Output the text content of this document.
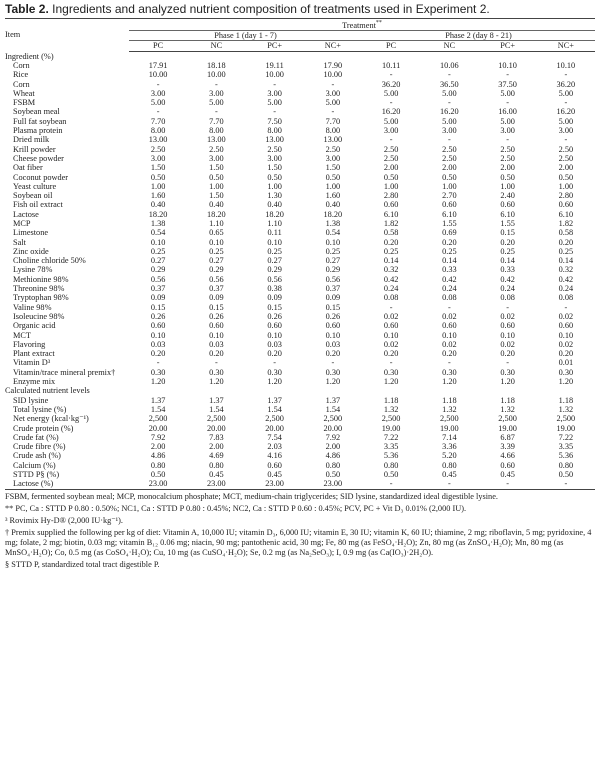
Table 2. Ingredients and analyzed nutrient composition of treatments used in Experiment 2.
Item	Treatment**
	Phase 1 (day 1 - 7)				Phase 2 (day 8 - 21)			
	PC	NC	PC+	NC+	PC	NC	PC+	NC+
Ingredient (%)								
Corn	17.91	18.18	19.11	17.90	10.11	10.06	10.10	10.10
Rice	10.00	10.00	10.00	10.00	-	-	-	-
Corn	-	-	-	-	36.20	36.50	37.50	36.20
Wheat	3.00	3.00	3.00	3.00	5.00	5.00	5.00	5.00
FSBM	5.00	5.00	5.00	5.00	-	-	-	-
Soybean meal	-	-	-	-	16.20	16.20	16.00	16.20
Full fat soybean	7.70	7.70	7.50	7.70	5.00	5.00	5.00	5.00
Plasma protein	8.00	8.00	8.00	8.00	3.00	3.00	3.00	3.00
Dried milk	13.00	13.00	13.00	13.00	-	-	-	-
Krill powder	2.50	2.50	2.50	2.50	2.50	2.50	2.50	2.50
Cheese powder	3.00	3.00	3.00	3.00	2.50	2.50	2.50	2.50
Oat fiber	1.50	1.50	1.50	1.50	2.00	2.00	2.00	2.00
Coconut powder	0.50	0.50	0.50	0.50	0.50	0.50	0.50	0.50
Yeast culture	1.00	1.00	1.00	1.00	1.00	1.00	1.00	1.00
Soybean oil	1.60	1.50	1.30	1.60	2.80	2.70	2.40	2.80
Fish oil extract	0.40	0.40	0.40	0.40	0.60	0.60	0.60	0.60
Lactose	18.20	18.20	18.20	18.20	6.10	6.10	6.10	6.10
MCP	1.38	1.10	1.10	1.38	1.82	1.55	1.55	1.82
Limestone	0.54	0.65	0.11	0.54	0.58	0.69	0.15	0.58
Salt	0.10	0.10	0.10	0.10	0.20	0.20	0.20	0.20
Zinc oxide	0.25	0.25	0.25	0.25	0.25	0.25	0.25	0.25
Choline chloride 50%	0.27	0.27	0.27	0.27	0.14	0.14	0.14	0.14
Lysine 78%	0.29	0.29	0.29	0.29	0.32	0.33	0.33	0.32
Methionine 98%	0.56	0.56	0.56	0.56	0.42	0.42	0.42	0.42
Threonine 98%	0.37	0.37	0.38	0.37	0.24	0.24	0.24	0.24
Tryptophan 98%	0.09	0.09	0.09	0.09	0.08	0.08	0.08	0.08
Valine 98%	0.15	0.15	0.15	0.15	-	-	-	-
Isoleucine 98%	0.26	0.26	0.26	0.26	0.02	0.02	0.02	0.02
Organic acid	0.60	0.60	0.60	0.60	0.60	0.60	0.60	0.60
MCT	0.10	0.10	0.10	0.10	0.10	0.10	0.10	0.10
Flavoring	0.03	0.03	0.03	0.03	0.02	0.02	0.02	0.02
Plant extract	0.20	0.20	0.20	0.20	0.20	0.20	0.20	0.20
Vitamin D³	-	-	-	-	-	-	-	0.01
Vitamin/trace mineral premix†	0.30	0.30	0.30	0.30	0.30	0.30	0.30	0.30
Enzyme mix	1.20	1.20	1.20	1.20	1.20	1.20	1.20	1.20
Calculated nutrient levels								
SID lysine	1.37	1.37	1.37	1.37	1.18	1.18	1.18	1.18
Total lysine (%)	1.54	1.54	1.54	1.54	1.32	1.32	1.32	1.32
Net energy (kcal·kg⁻¹)	2,500	2,500	2,500	2,500	2,500	2,500	2,500	2,500
Crude protein (%)	20.00	20.00	20.00	20.00	19.00	19.00	19.00	19.00
Crude fat (%)	7.92	7.83	7.54	7.92	7.22	7.14	6.87	7.22
Crude fibre (%)	2.00	2.00	2.03	2.00	3.35	3.36	3.39	3.35
Crude ash (%)	4.86	4.69	4.16	4.86	5.36	5.20	4.66	5.36
Calcium (%)	0.80	0.80	0.60	0.80	0.80	0.80	0.60	0.80
STTD P§ (%)	0.50	0.45	0.45	0.50	0.50	0.45	0.45	0.50
Lactose (%)	23.00	23.00	23.00	23.00	-	-	-	-

FSBM, fermented soybean meal; MCP, monocalcium phosphate; MCT, medium-chain triglycerides; SID lysine, standardized ideal digestible lysine.

** PC, Ca : STTD P 0.80 : 0.50%; NC1, Ca : STTD P 0.80 : 0.45%; NC2, Ca : STTD P 0.60 : 0.45%; PCV, PC + Vit D₃ 0.01% (2,000 IU).

³ Rovimix Hy-D® (2,000 IU·kg⁻¹).

† Premix supplied the following per kg of diet: Vitamin A, 10,000 IU; vitamin D₃, 6,000 IU; vitamin E, 30 IU; vitamin K, 60 IU; thiamine, 2 mg; riboflavin, 5 mg; pyridoxine, 4 mg; folate, 2 mg; biotin, 0.03 mg; vitamin B₁₂ 0.06 mg; niacin, 90 mg; pantothenic acid, 30 mg; Fe, 80 mg (as FeSO₄·H₂O); Zn, 80 mg (as ZnSO₄·H₂O); Mn, 80 mg (as MnSO₄·H₂O); Co, 0.5 mg (as CoSO₄·H₂O); Cu, 10 mg (as CuSO₄·H₂O); Se, 0.2 mg (as Na₂SeO₃); I, 0.9 mg (as Ca(IO₃)·2H₂O).

§ STTD P, standardized total tract digestible P.
